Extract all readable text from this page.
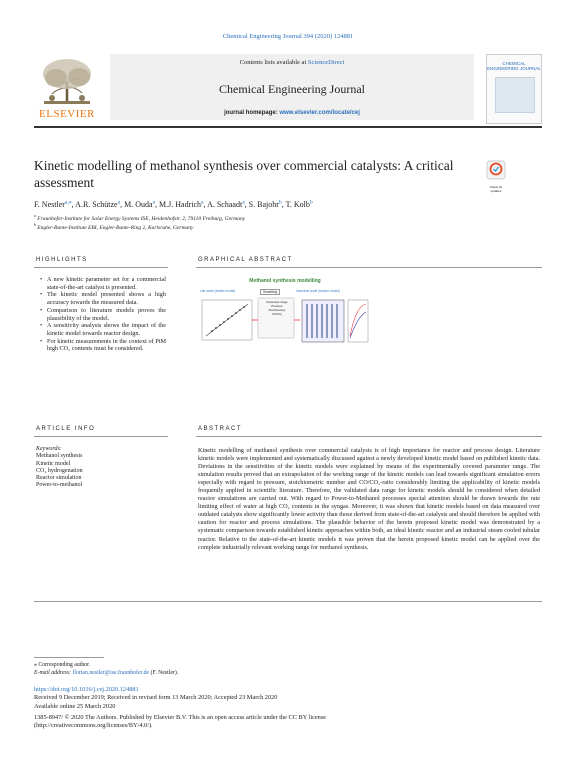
Chemical Engineering Journal 394 (2020) 124881
ELSEVIER
Contents lists available at ScienceDirect
Chemical Engineering Journal
journal homepage: www.elsevier.com/locate/cej
CHEMICAL ENGINEERING JOURNAL
Kinetic modelling of methanol synthesis over commercial catalysts: A critical assessment	Check for updates
F. Nestler$^{a,⁎}$, A.R. Schütze$^a$, M. Ouda$^a$, M.J. Hadrich$^a$, A. Schaadt$^a$, S. Bajohr$^b$, T. Kolb$^b$
$^a$ Fraunhofer-Institute for Solar Energy Systems ISE, Heidenhofstr. 2, 79110 Freiburg, Germany
$^b$ Engler-Bunte-Institute EBI, Engler-Bunte-Ring 2, Karlsruhe, Germany
HIGHLIGHTS
• A new kinetic parameter set for a commercial state-of-the-art catalyst is presented.
• The kinetic model presented shows a high accuracy towards the measured data.
• Comparison to literature models proves the plausibility of the model.
• A sensitivity analysis shows the impact of the kinetic model towards reactor design.
• For kinetic measurements in the context of PtM high CO₂ contents must be considered.
GRAPHICAL ABSTRACT
Methanol synthesis modelling
Lab scale (kinetic model)	Sensitivity	Industrial scale (reactor model)
Parameter range
Pressure
Stoichiometry
CO/CO₂
ARTICLE INFO
Keywords:
Methanol synthesis
Kinetic model
CO₂ hydrogenation
Reactor simulation
Power-to-methanol
ABSTRACT
Kinetic modelling of methanol synthesis over commercial catalysts is of high importance for reactor and process design. Literature kinetic models were implemented and systematically discussed against a newly developed kinetic model based on published kinetic data. Deviations in the sensitivities of the kinetic models were explained by means of the experimentally covered parameter range. The simulation results proved that an extrapolation of the working range of the kinetic models can lead towards significant simulation errors especially with regard to pressure, stoichiometric number and CO/CO₂-ratio considerably limiting the applicability of kinetic models frequently applied in scientific literature. Therefore, the validated data range for kinetic models should be considered when detailed reactor simulations are carried out. With regard to Power-to-Methanol processes special attention should be drawn towards the rate limiting effect of water at high CO₂ contents in the syngas. Moreover, it was shown that kinetic models based on data measured over outdated catalysts show significantly lower activity than those derived from state-of-the-art catalysts and should therefore be applied with caution for reactor and process simulations. The plausible behavior of the herein proposed kinetic model was demonstrated by a systematic comparison towards established kinetic approaches within both, an ideal kinetic reactor and an industrial steam cooled tubular reactor. Relative to the state-of-the-art kinetic models it was proven that the herein proposed kinetic model can be applied over the complete industrially relevant working range for methanol synthesis.
⁎ Corresponding author.
E-mail address: florian.nestler@ise.fraunhofer.de (F. Nestler).
https://doi.org/10.1016/j.cej.2020.124881
Received 9 December 2019; Received in revised form 13 March 2020; Accepted 23 March 2020
Available online 25 March 2020
1385-8947/ © 2020 The Authors. Published by Elsevier B.V. This is an open access article under the CC BY license
(http://creativecommons.org/licenses/BY/4.0/).
